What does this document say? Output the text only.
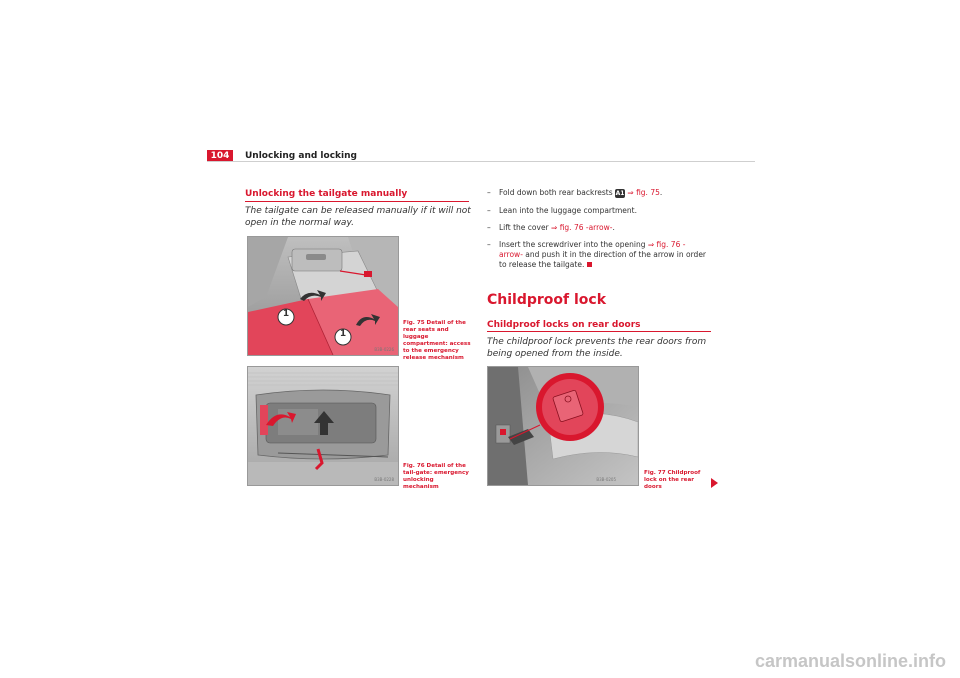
104	Unlocking and locking
Unlocking the tailgate manually
The tailgate can be released manually if it will not open in the normal way.
1
1
B3B-0226
Fig. 75 Detail of the rear seats and luggage compartment: access to the emergency release mechanism
B3B-0228
Fig. 76 Detail of the tail-gate: emergency unlocking mechanism
– Fold down both rear backrests A1 ⇒ fig. 75.
– Lean into the luggage compartment.
– Lift the cover ⇒ fig. 76 -arrow-.
– Insert the screwdriver into the opening ⇒ fig. 76 -arrow- and push it in the direction of the arrow in order to release the tailgate.
Childproof lock
Childproof locks on rear doors
The childproof lock prevents the rear doors from being opened from the inside.
B3B-0205
Fig. 77 Childproof lock on the rear doors
carmanualsonline.info
